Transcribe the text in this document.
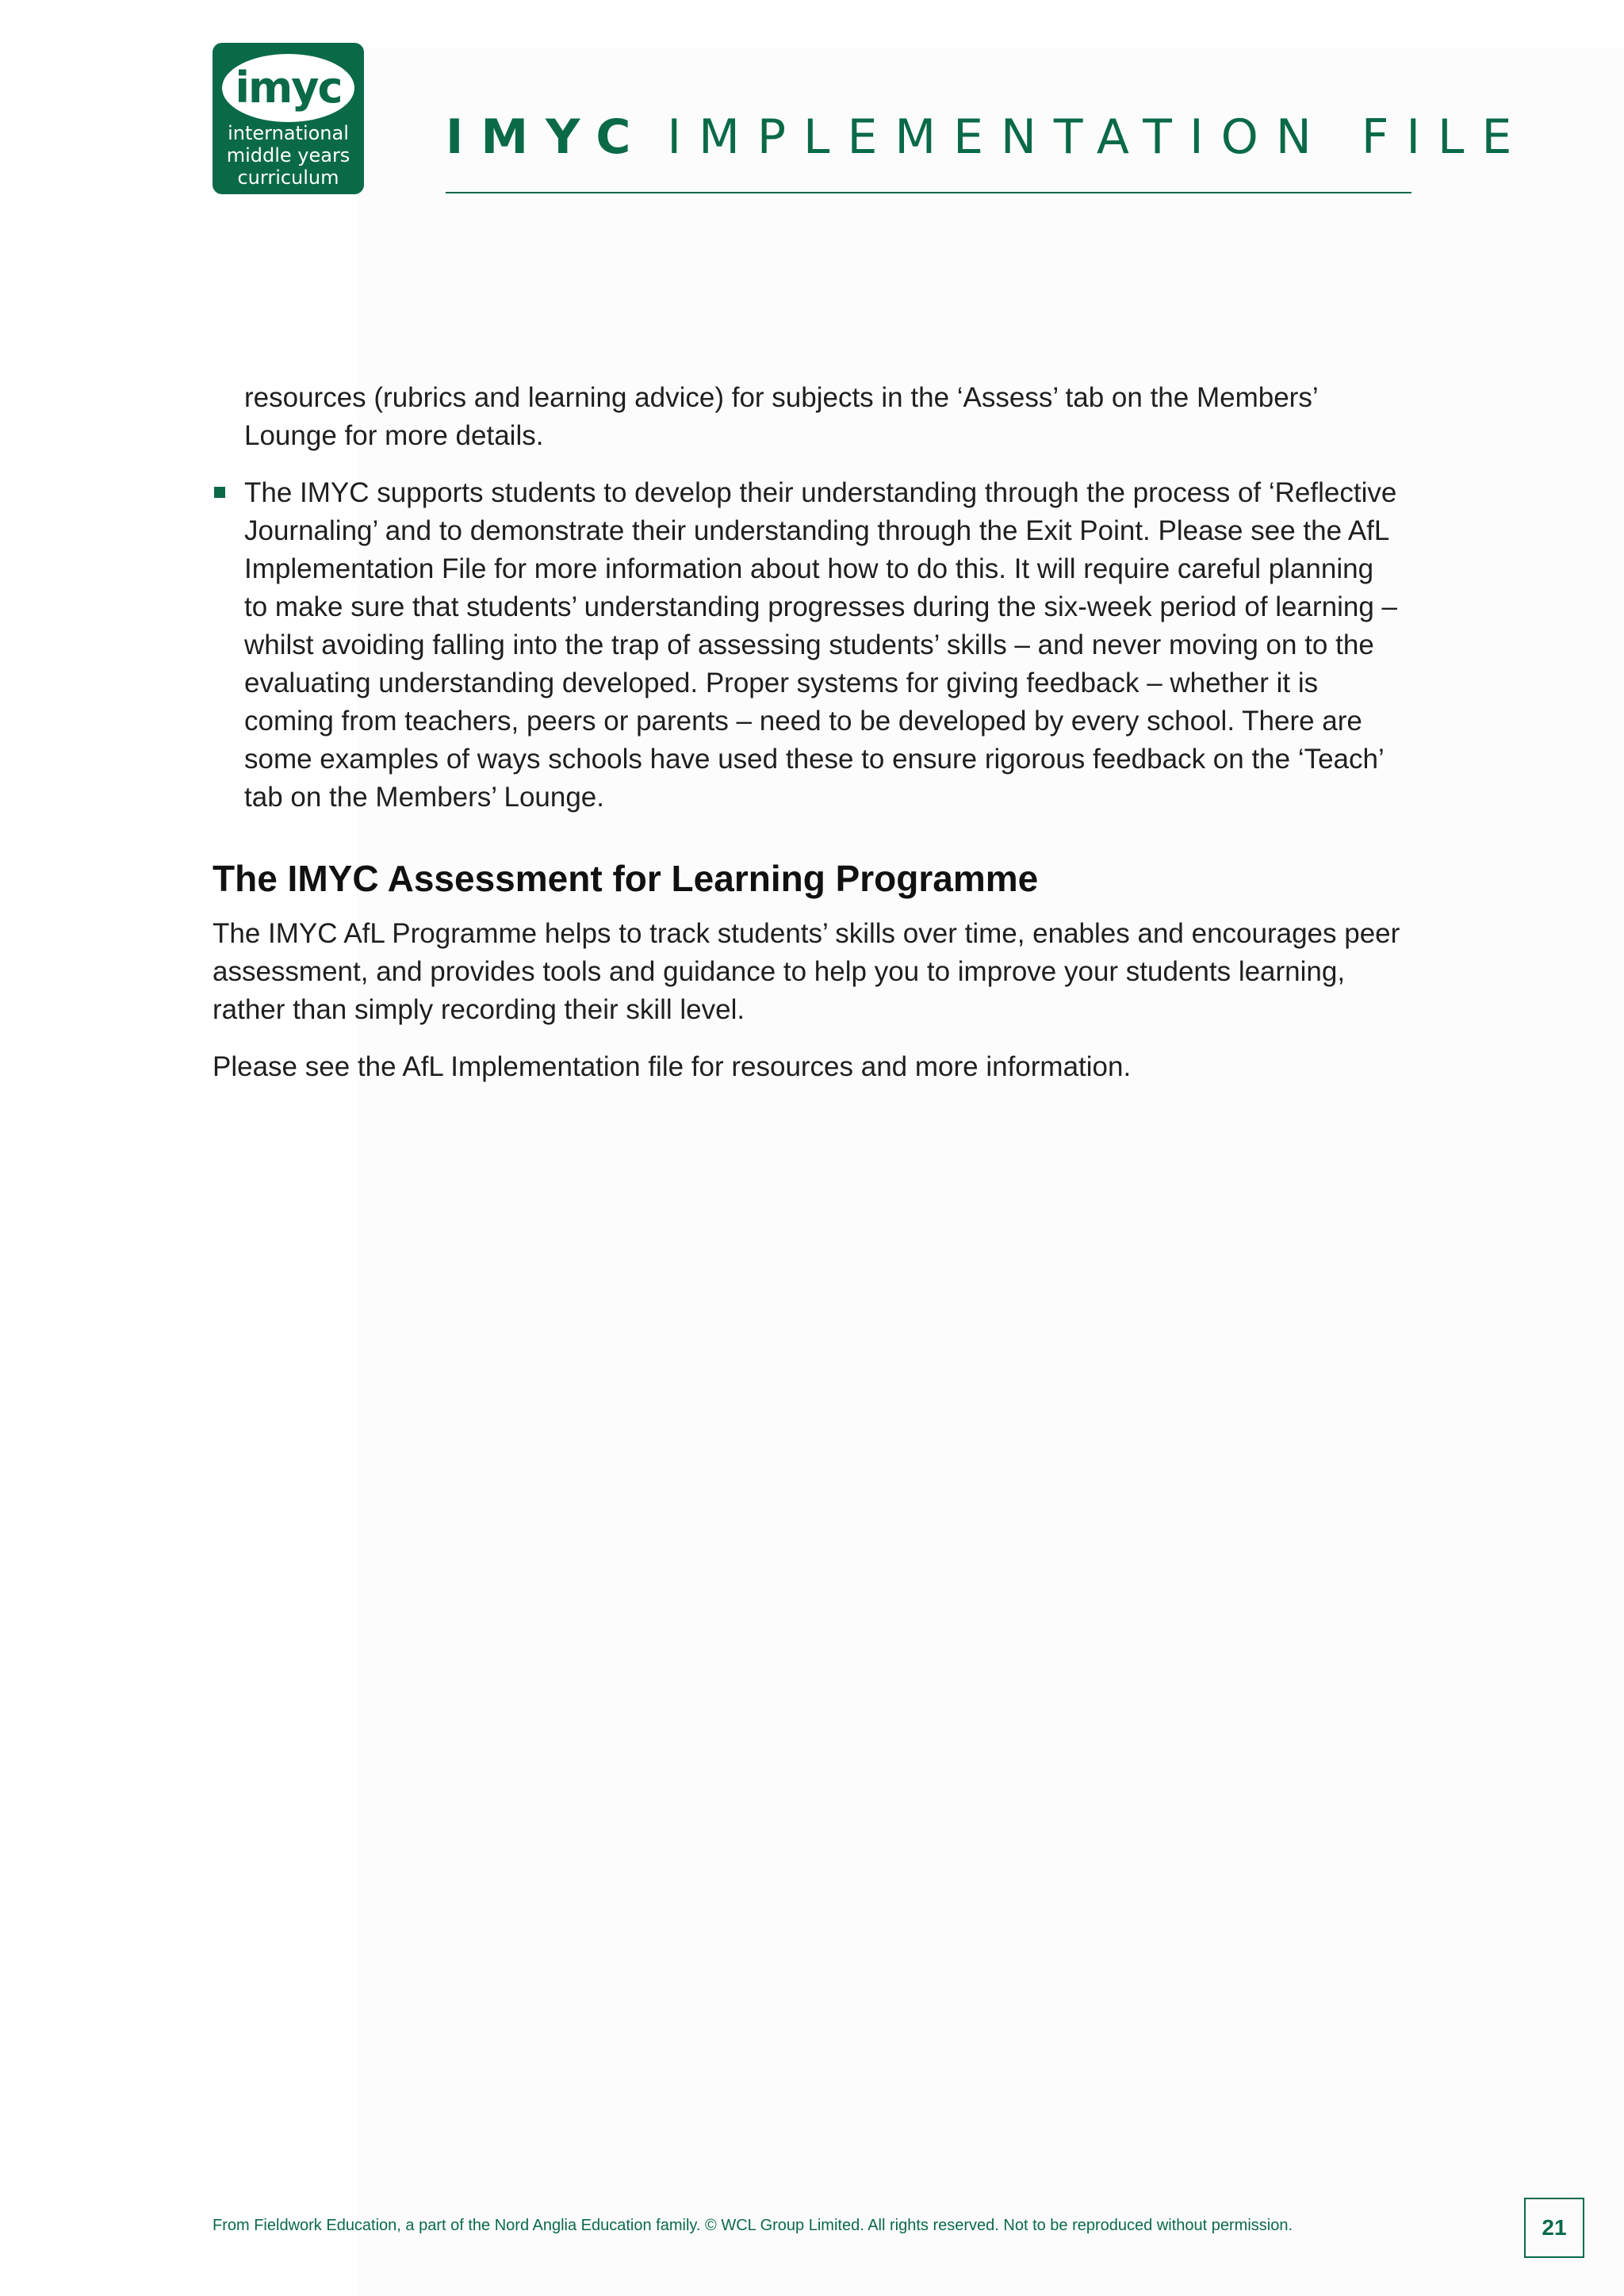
imyc
international
middle years
curriculum
IMYC IMPLEMENTATION FILE

resources (rubrics and learning advice) for subjects in the ‘Assess’ tab on the Members’ Lounge for more details.

The IMYC supports students to develop their understanding through the process of ‘Reflective Journaling’ and to demonstrate their understanding through the Exit Point. Please see the AfL Implementation File for more information about how to do this. It will require careful planning to make sure that students’ understanding progresses during the six-week period of learning – whilst avoiding falling into the trap of assessing students’ skills – and never moving on to the evaluating understanding developed. Proper systems for giving feedback – whether it is coming from teachers, peers or parents – need to be developed by every school. There are some examples of ways schools have used these to ensure rigorous feedback on the ‘Teach’ tab on the Members’ Lounge.

The IMYC Assessment for Learning Programme

The IMYC AfL Programme helps to track students’ skills over time, enables and encourages peer assessment, and provides tools and guidance to help you to improve your students learning, rather than simply recording their skill level.

Please see the AfL Implementation file for resources and more information.

From Fieldwork Education, a part of the Nord Anglia Education family. © WCL Group Limited. All rights reserved. Not to be reproduced without permission.	21
